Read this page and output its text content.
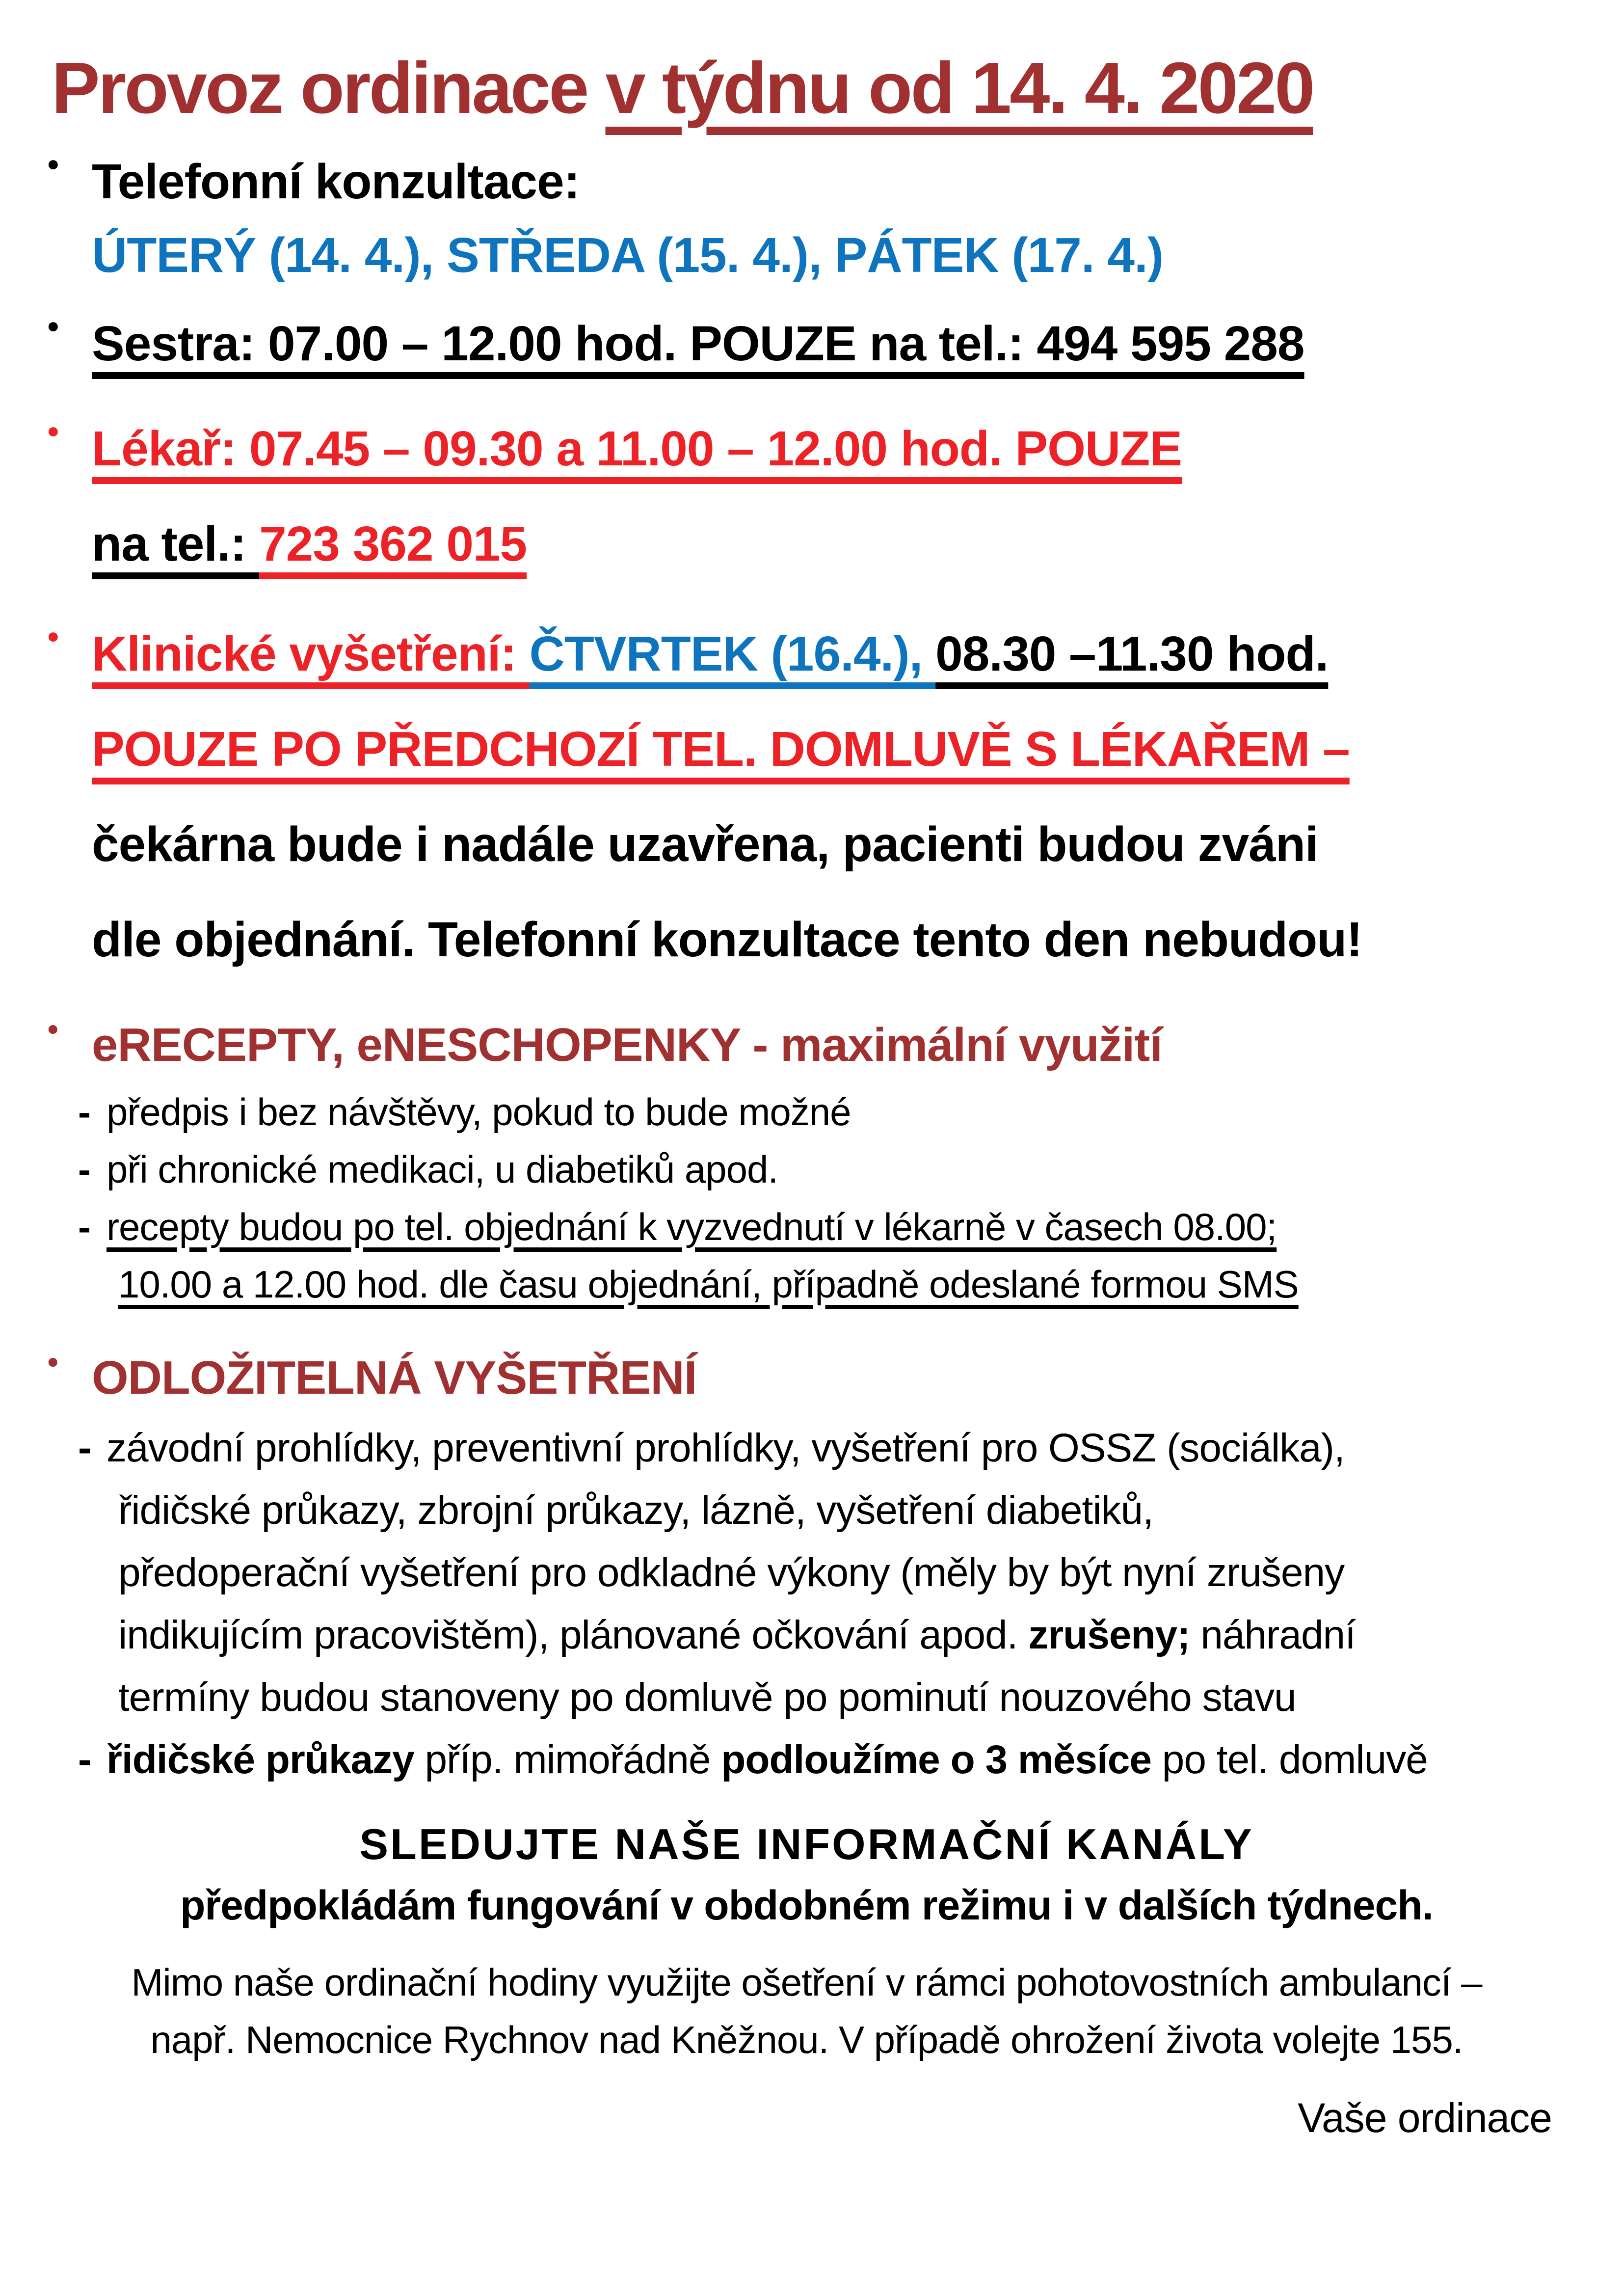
Provoz ordinace v týdnu od 14. 4. 2020
● Telefonní konzultace:
ÚTERÝ (14. 4.), STŘEDA (15. 4.), PÁTEK (17. 4.)
● Sestra: 07.00 – 12.00 hod. POUZE na tel.: 494 595 288
● Lékař: 07.45 – 09.30 a 11.00 – 12.00 hod. POUZE
na tel.: 723 362 015
● Klinické vyšetření: ČTVRTEK (16.4.), 08.30 –11.30 hod.
POUZE PO PŘEDCHOZÍ TEL. DOMLUVĚ S LÉKAŘEM –
čekárna bude i nadále uzavřena, pacienti budou zváni
dle objednání. Telefonní konzultace tento den nebudou!
● eRECEPTY, eNESCHOPENKY - maximální využití
- předpis i bez návštěvy, pokud to bude možné
- při chronické medikaci, u diabetiků apod.
- recepty budou po tel. objednání k vyzvednutí v lékarně v časech 08.00;
10.00 a 12.00 hod. dle času objednání, případně odeslané formou SMS
● ODLOŽITELNÁ VYŠETŘENÍ
- závodní prohlídky, preventivní prohlídky, vyšetření pro OSSZ (sociálka),
řidičské průkazy, zbrojní průkazy, lázně, vyšetření diabetiků,
předoperační vyšetření pro odkladné výkony (měly by být nyní zrušeny
indikujícím pracovištěm), plánované očkování apod. zrušeny; náhradní
termíny budou stanoveny po domluvě po pominutí nouzového stavu
- řidičské průkazy příp. mimořádně podloužíme o 3 měsíce po tel. domluvě
SLEDUJTE NAŠE INFORMAČNÍ KANÁLY
předpokládám fungování v obdobném režimu i v dalších týdnech.
Mimo naše ordinační hodiny využijte ošetření v rámci pohotovostních ambulancí –
např. Nemocnice Rychnov nad Kněžnou. V případě ohrožení života volejte 155.
Vaše ordinace
